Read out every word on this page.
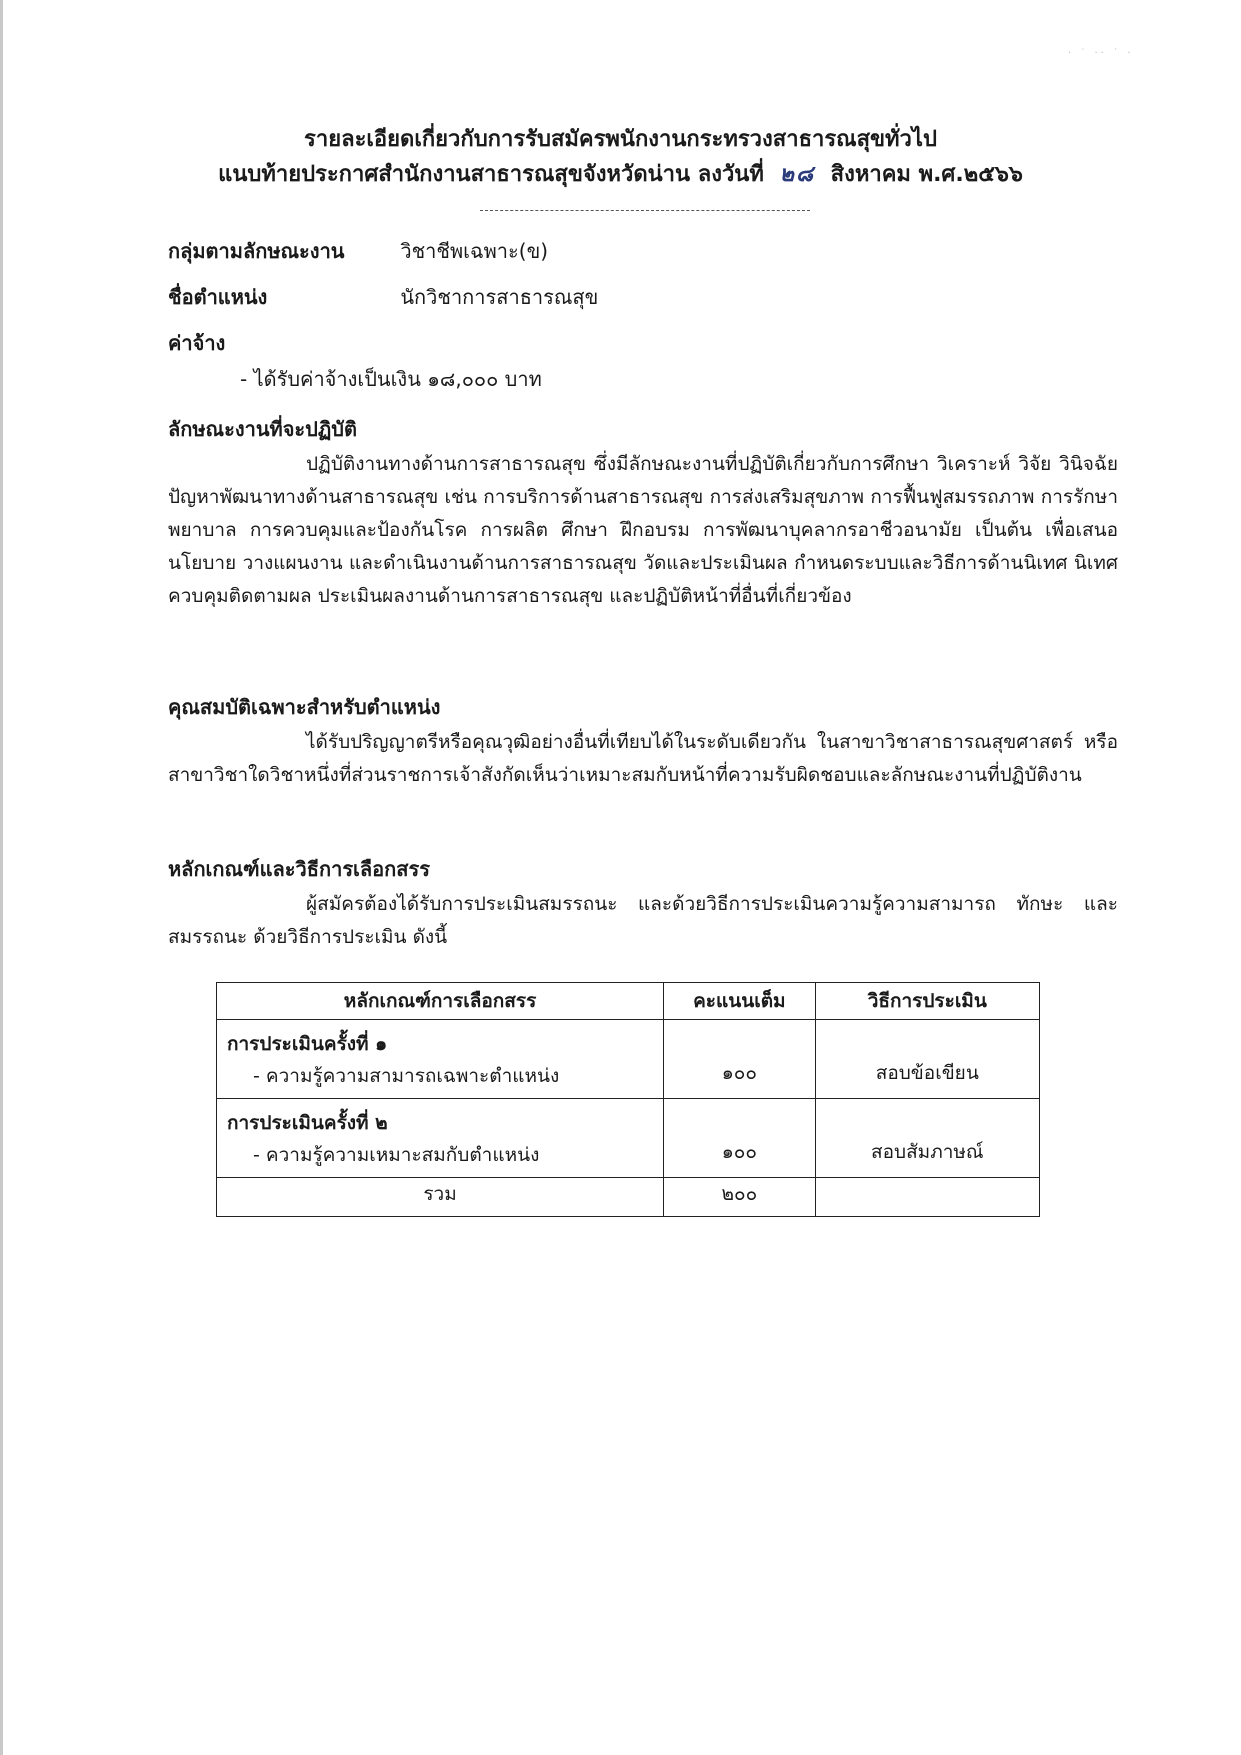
· ˙ ·· ˙ ·
รายละเอียดเกี่ยวกับการรับสมัครพนักงานกระทรวงสาธารณสุขทั่วไป
แนบท้ายประกาศสำนักงานสาธารณสุขจังหวัดน่าน ลงวันที่ ๒๘ สิงหาคม พ.ศ.๒๕๖๖
กลุ่มตามลักษณะงาน	วิชาชีพเฉพาะ(ข)
ชื่อตำแหน่ง	นักวิชาการสาธารณสุข
ค่าจ้าง
- ได้รับค่าจ้างเป็นเงิน ๑๘,๐๐๐ บาท
ลักษณะงานที่จะปฏิบัติ

ปฏิบัติงานทางด้านการสาธารณสุข ซึ่งมีลักษณะงานที่ปฏิบัติเกี่ยวกับการศึกษา วิเคราะห์ วิจัย วินิจฉัยปัญหาพัฒนาทางด้านสาธารณสุข เช่น การบริการด้านสาธารณสุข การส่งเสริมสุขภาพ การฟื้นฟูสมรรถภาพ การรักษาพยาบาล การควบคุมและป้องกันโรค การผลิต ศึกษา ฝึกอบรม การพัฒนาบุคลากรอาชีวอนามัย เป็นต้น เพื่อเสนอนโยบาย วางแผนงาน และดำเนินงานด้านการสาธารณสุข วัดและประเมินผล กำหนดระบบและวิธีการด้านนิเทศ นิเทศควบคุมติดตามผล ประเมินผลงานด้านการสาธารณสุข และปฏิบัติหน้าที่อื่นที่เกี่ยวข้อง

คุณสมบัติเฉพาะสำหรับตำแหน่ง

ได้รับปริญญาตรีหรือคุณวุฒิอย่างอื่นที่เทียบได้ในระดับเดียวกัน ในสาขาวิชาสาธารณสุขศาสตร์ หรือสาขาวิชาใดวิชาหนึ่งที่ส่วนราชการเจ้าสังกัดเห็นว่าเหมาะสมกับหน้าที่ความรับผิดชอบและลักษณะงานที่ปฏิบัติงาน

หลักเกณฑ์และวิธีการเลือกสรร

ผู้สมัครต้องได้รับการประเมินสมรรถนะ และด้วยวิธีการประเมินความรู้ความสามารถ ทักษะ และสมรรถนะ ด้วยวิธีการประเมิน ดังนี้

หลักเกณฑ์การเลือกสรร	คะแนนเต็ม	วิธีการประเมิน

การประเมินครั้งที่ ๑
- ความรู้ความสามารถเฉพาะตำแหน่ง	๑๐๐	สอบข้อเขียน

การประเมินครั้งที่ ๒
- ความรู้ความเหมาะสมกับตำแหน่ง	๑๐๐	สอบสัมภาษณ์
รวม	๒๐๐	
